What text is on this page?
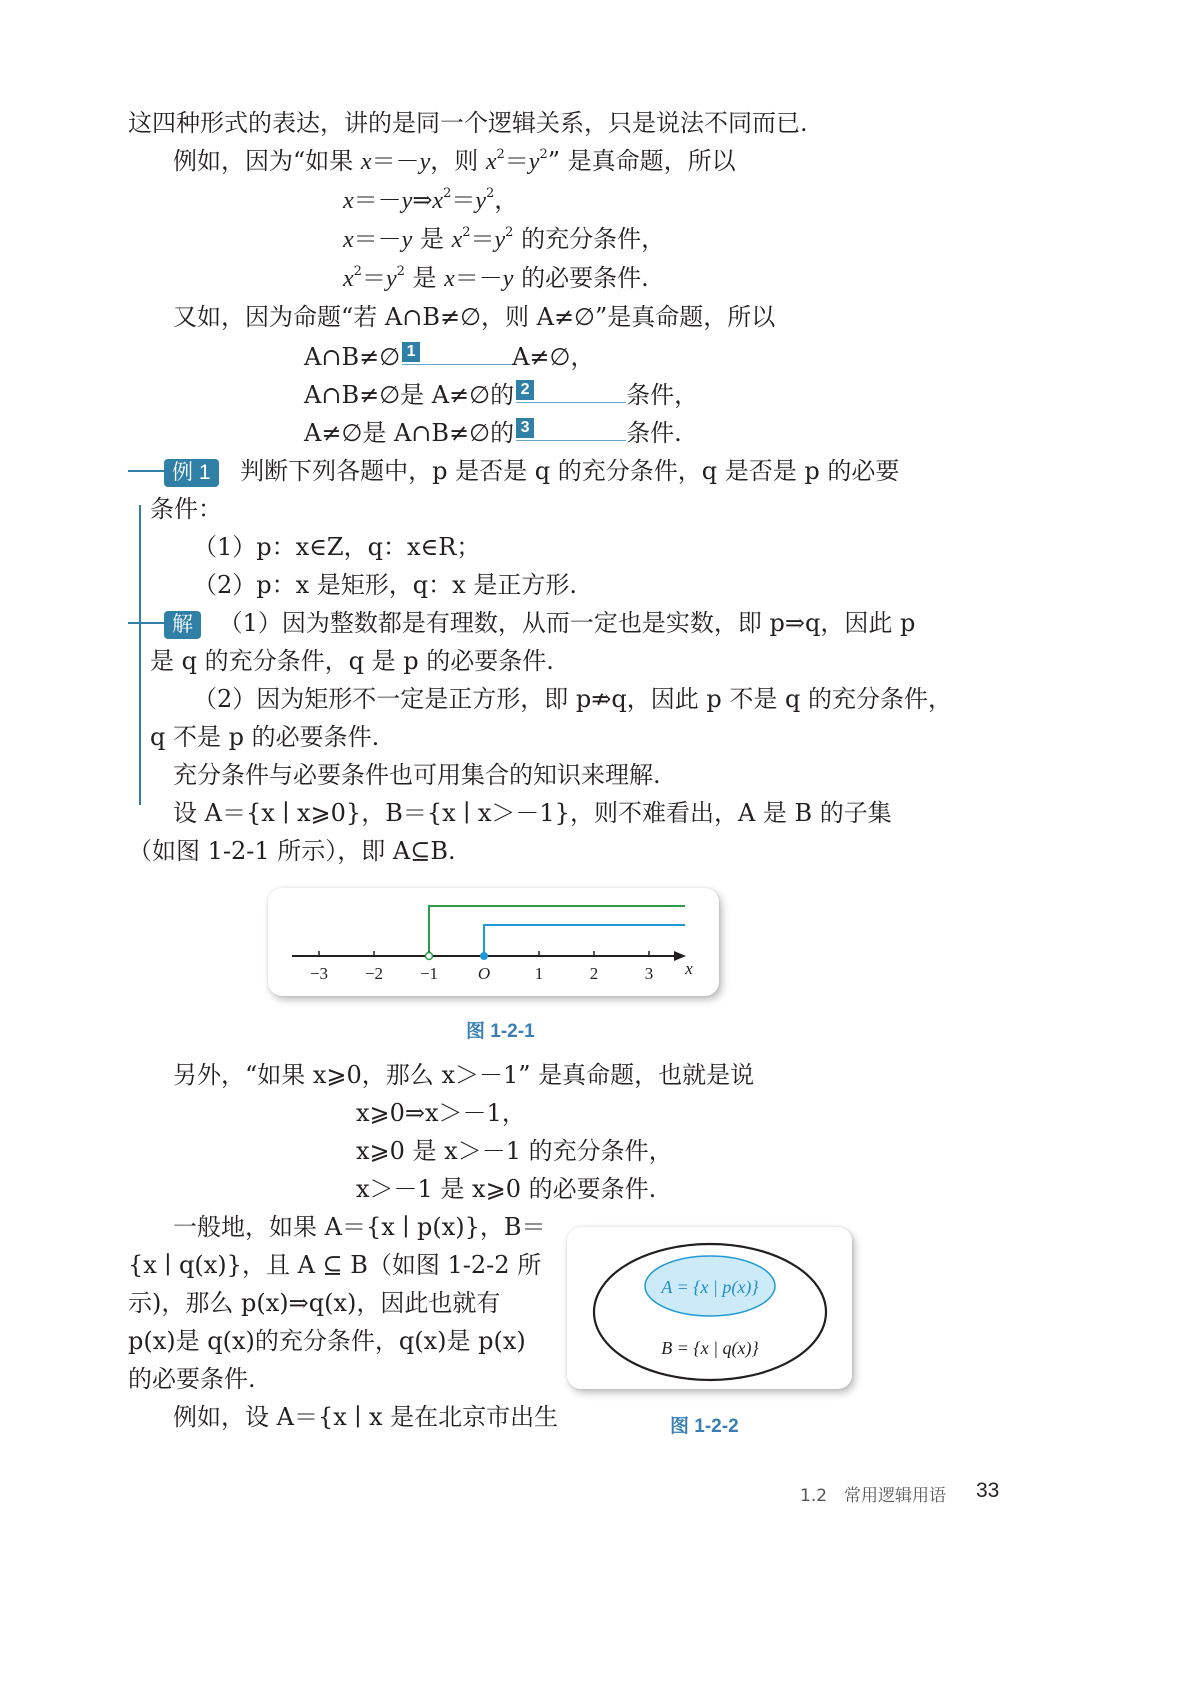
这四种形式的表达，讲的是同一个逻辑关系，只是说法不同而已.
例如，因为“如果 x＝－y，则 $x^2=y^2$” 是真命题，所以
$x=-y\Rightarrow x^2=y^2$，
x＝－y 是 $x^2=y^2$ 的充分条件，
$x^2=y^2$ 是 x＝－y 的必要条件.
又如，因为命题“若 A∩B≠∅，则 A≠∅”是真命题，所以
A∩B≠∅ 1	A≠∅，
A∩B≠∅是 A≠∅的 2	条件，
A≠∅是 A∩B≠∅的 3	条件.
例 1 判断下列各题中，p 是否是 q 的充分条件，q 是否是 p 的必要
条件：
（1）p：x∈Z，q：x∈R；
（2）p：x 是矩形，q：x 是正方形.
解 （1）因为整数都是有理数，从而一定也是实数，即 p⇒q，因此 p
是 q 的充分条件，q 是 p 的必要条件.
（2）因为矩形不一定是正方形，即 p⇏q，因此 p 不是 q 的充分条件，
q 不是 p 的必要条件.
充分条件与必要条件也可用集合的知识来理解.
设 A＝{x ∣ x⩾0}，B＝{x ∣ x＞－1}，则不难看出，A 是 B 的子集
（如图 1-2-1 所示），即 A⊆B.
−3 −2 −1 O	1	2	3 x
图 1-2-1
另外，“如果 x⩾0，那么 x＞－1” 是真命题，也就是说
x⩾0⇒x＞－1，
x⩾0 是 x＞－1 的充分条件，
x＞－1 是 x⩾0 的必要条件.
一般地，如果 A＝{x ∣ p(x)}，B＝
{x ∣ q(x)}，且 A ⊆ B（如图 1-2-2 所
示)，那么 p(x)⇒q(x)，因此也就有
p(x)是 q(x)的充分条件，q(x)是 p(x)
的必要条件.
例如，设 A＝{x ∣ x 是在北京市出生
A = {x | p(x)}
B = {x | q(x)}
图 1-2-2
1.2　常用逻辑用语 33
